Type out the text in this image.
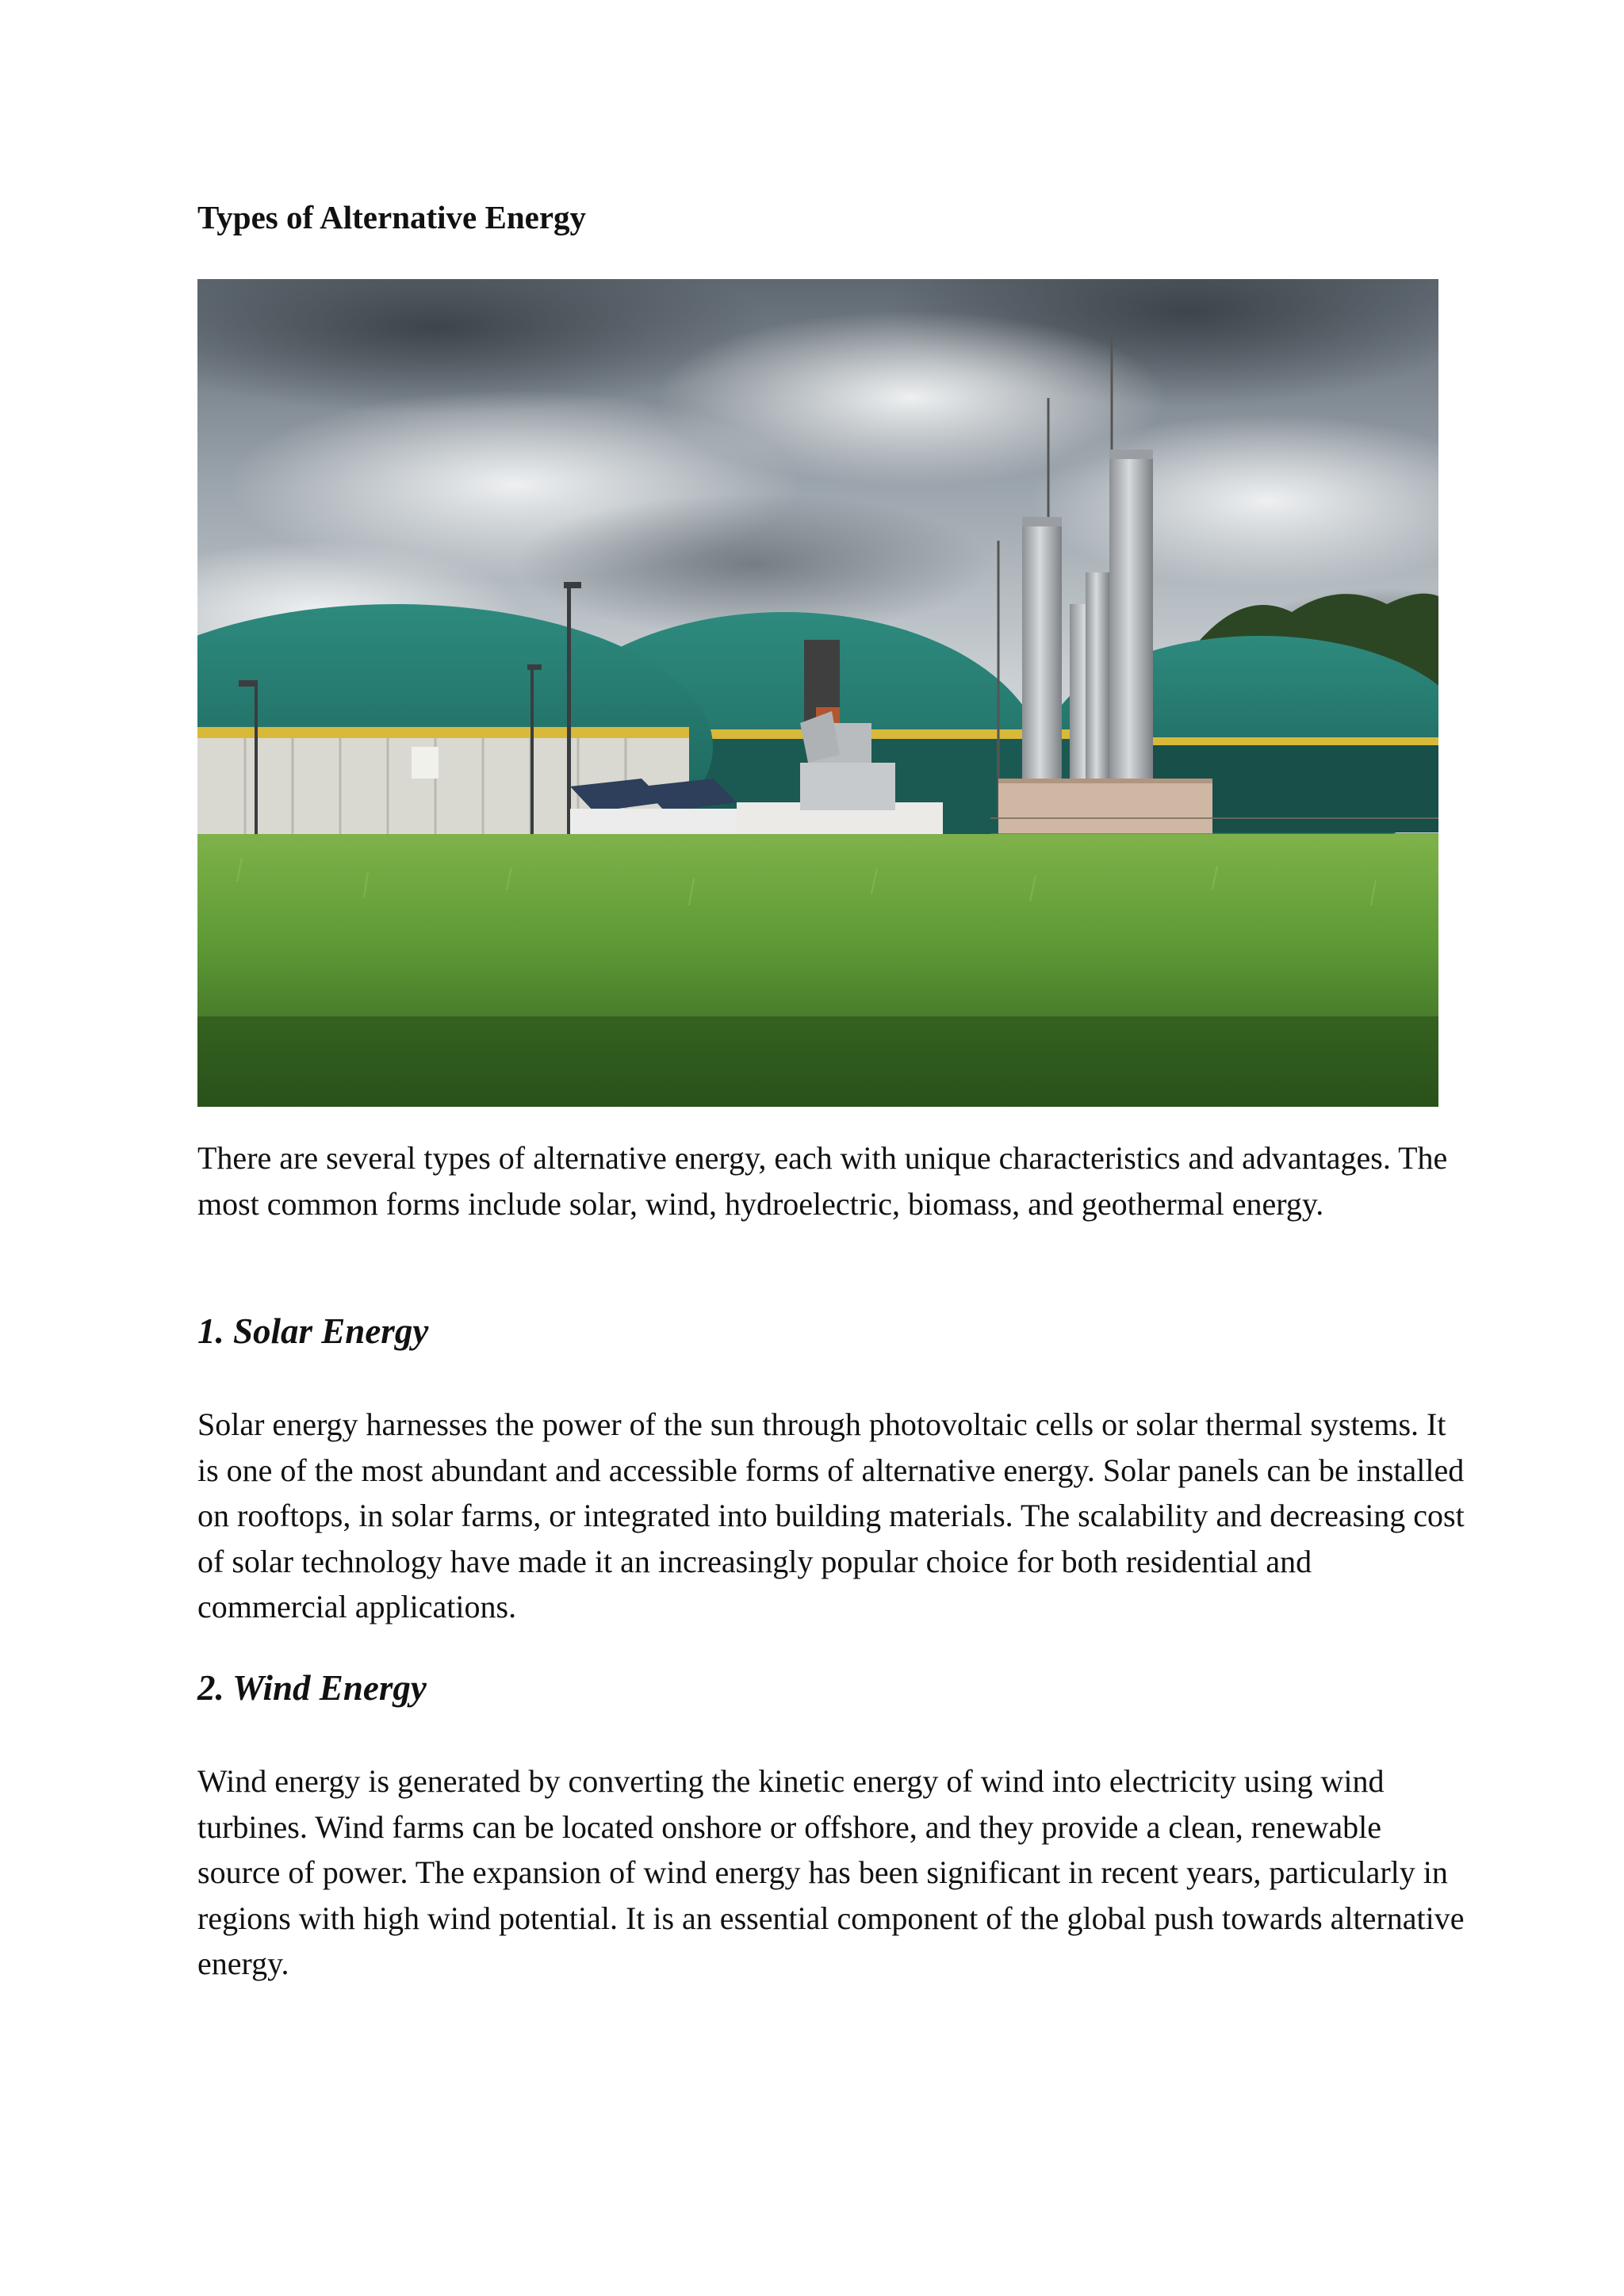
Types of Alternative Energy

There are several types of alternative energy, each with unique characteristics and advantages. The most common forms include solar, wind, hydroelectric, biomass, and geothermal energy.

1. Solar Energy

Solar energy harnesses the power of the sun through photovoltaic cells or solar thermal systems. It is one of the most abundant and accessible forms of alternative energy. Solar panels can be installed on rooftops, in solar farms, or integrated into building materials. The scalability and decreasing cost of solar technology have made it an increasingly popular choice for both residential and commercial applications.

2. Wind Energy

Wind energy is generated by converting the kinetic energy of wind into electricity using wind turbines. Wind farms can be located onshore or offshore, and they provide a clean, renewable source of power. The expansion of wind energy has been significant in recent years, particularly in regions with high wind potential. It is an essential component of the global push towards alternative energy.
